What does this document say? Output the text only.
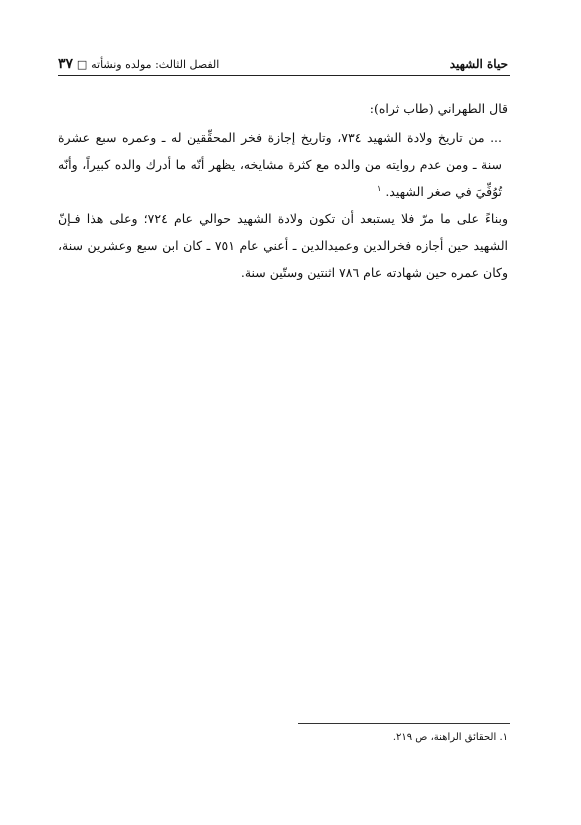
حياة الشهيد
الفصل الثالث: مولده ونشأته □ ٣٧

قال الطهراني (طاب ثراه):

... من تاريخ ولادة الشهيد ٧٣٤، وتاريخ إجازة فخر المحقِّقين له ـ وعمره سبع عشرة سنة ـ ومن عدم روايته من والده مع كثرة مشايخه، يظهر أنّه ما أدرك والده كبيراً، وأنّه تُوُفِّيَ في صغر الشهيد. $^١$

وبناءً على ما مرّ فلا يستبعد أن تكون ولادة الشهيد حوالي عام ٧٢٤؛ وعلى هذا فـإنّ الشهيد حين أجازه فخرالدين وعميدالدين ـ أعني عام ٧٥١ ـ كان ابن سبع وعشرين سنة، وكان عمره حين شهادته عام ٧٨٦ اثنتين وستّين سنة.

١. الحقائق الراهنة، ص ٢١٩.
